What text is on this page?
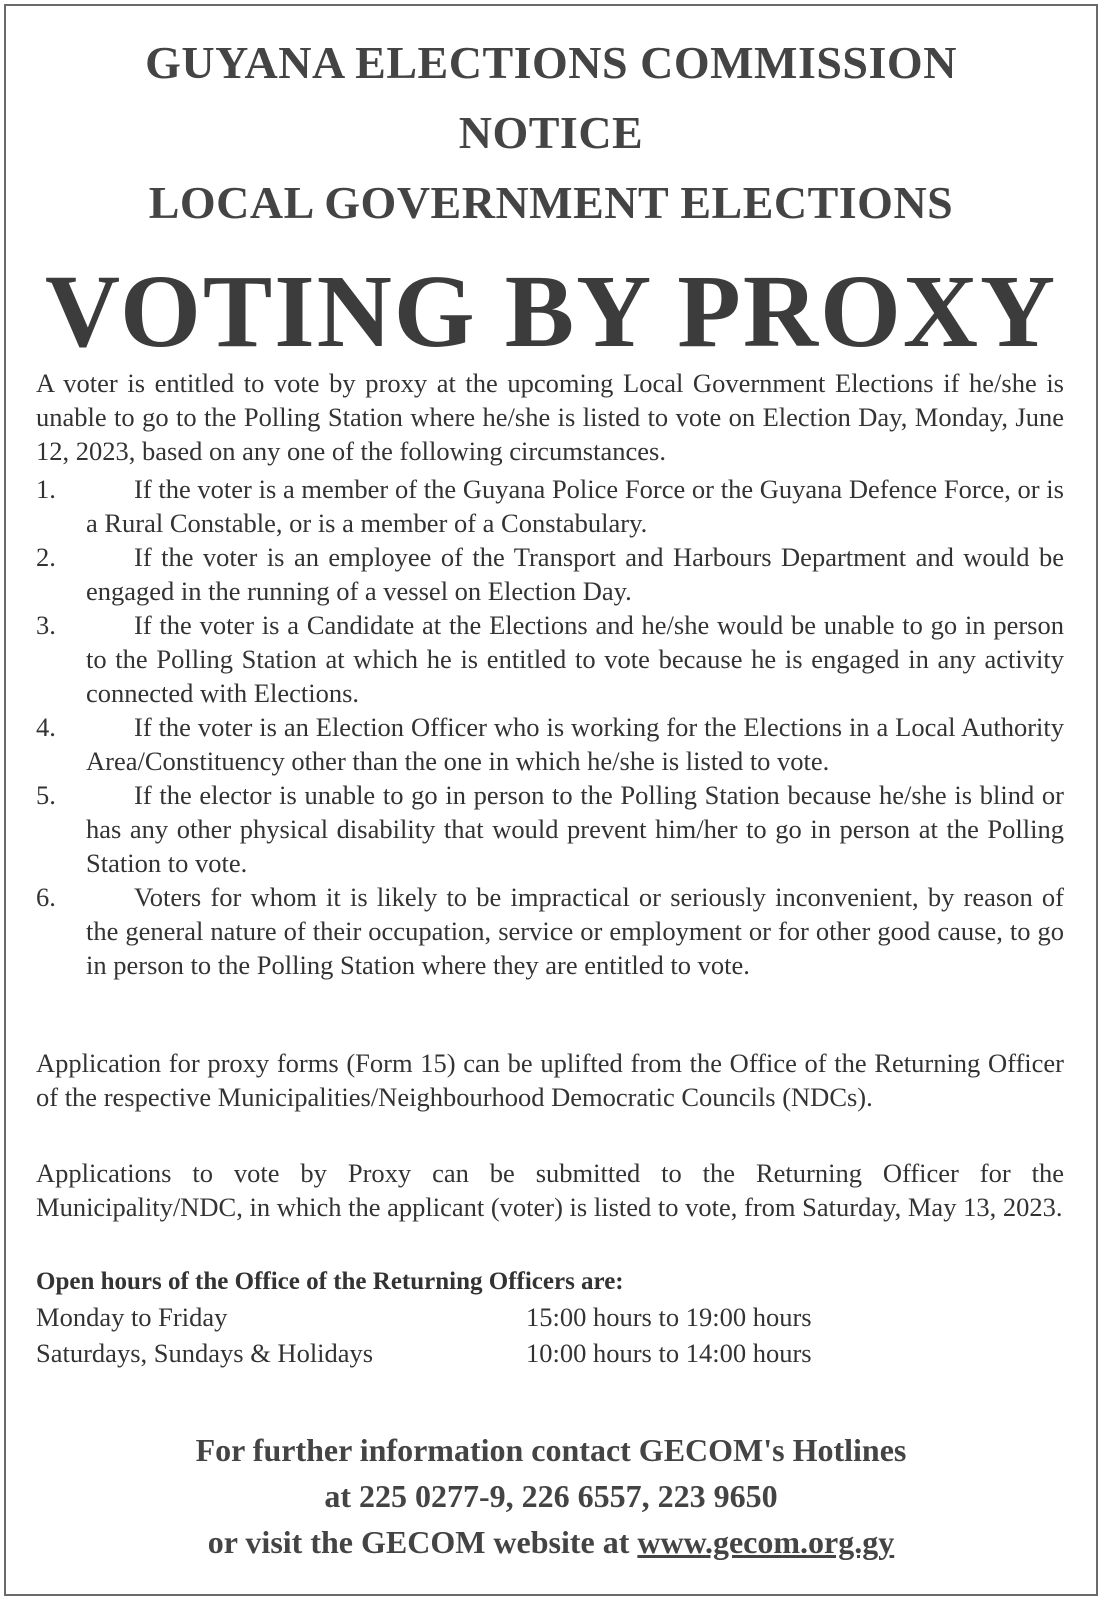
GUYANA ELECTIONS COMMISSION
NOTICE
LOCAL GOVERNMENT ELECTIONS
VOTING BY PROXY

A voter is entitled to vote by proxy at the upcoming Local Government Elections if he/she is unable to go to the Polling Station where he/she is listed to vote on Election Day, Monday, June 12, 2023, based on any one of the following circumstances.

1.	If the voter is a member of the Guyana Police Force or the Guyana Defence Force, or is a Rural Constable, or is a member of a Constabulary.
2.	If the voter is an employee of the Transport and Harbours Department and would be engaged in the running of a vessel on Election Day.
3.	If the voter is a Candidate at the Elections and he/she would be unable to go in person to the Polling Station at which he is entitled to vote because he is engaged in any activity connected with Elections.
4.	If the voter is an Election Officer who is working for the Elections in a Local Authority Area/Constituency other than the one in which he/she is listed to vote.
5.	If the elector is unable to go in person to the Polling Station because he/she is blind or has any other physical disability that would prevent him/her to go in person at the Polling Station to vote.
6.	Voters for whom it is likely to be impractical or seriously inconvenient, by reason of the general nature of their occupation, service or employment or for other good cause, to go in person to the Polling Station where they are entitled to vote.

Application for proxy forms (Form 15) can be uplifted from the Office of the Returning Officer of the respective Municipalities/Neighbourhood Democratic Councils (NDCs).

Applications to vote by Proxy can be submitted to the Returning Officer for the Municipality/NDC, in which the applicant (voter) is listed to vote, from Saturday, May 13, 2023.

Open hours of the Office of the Returning Officers are:
Monday to Friday	15:00 hours to 19:00 hours
Saturdays, Sundays & Holidays	10:00 hours to 14:00 hours
For further information contact GECOM's Hotlines
at 225 0277-9, 226 6557, 223 9650
or visit the GECOM website at www.gecom.org.gy
